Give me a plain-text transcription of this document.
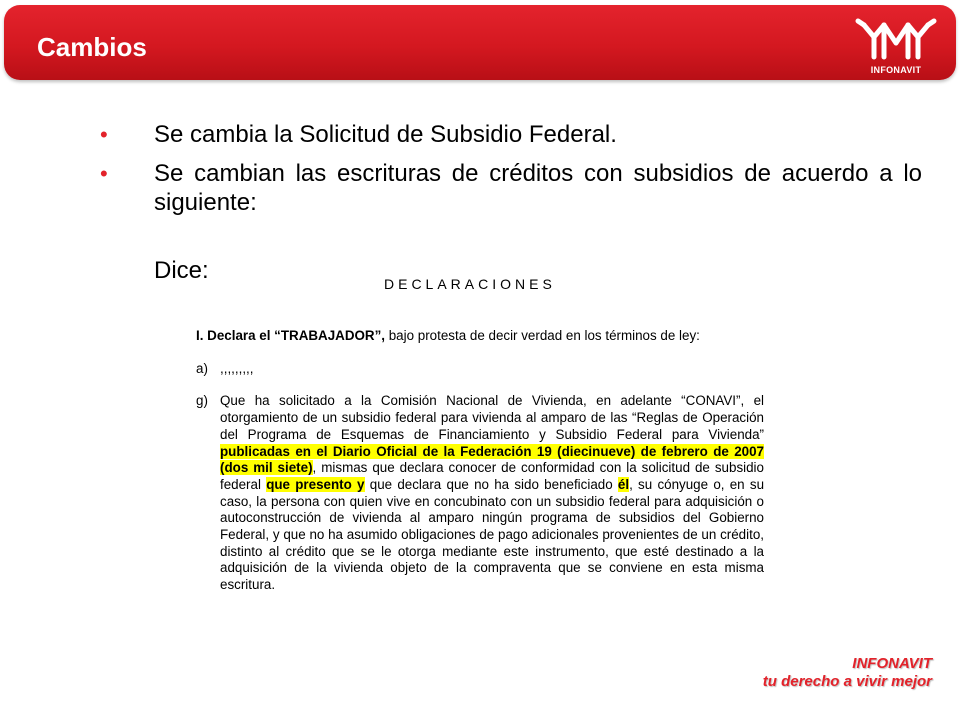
Cambios
INFONAVIT
• Se cambia la Solicitud de Subsidio Federal.
• Se cambian las escrituras de créditos con subsidios de acuerdo a lo siguiente:
Dice:	DECLARACIONES

I. Declara el “TRABAJADOR”, bajo protesta de decir verdad en los términos de ley:

a) ,,,,,,,,,
g) Que ha solicitado a la Comisión Nacional de Vivienda, en adelante “CONAVI”, el otorgamiento de un subsidio federal para vivienda al amparo de las “Reglas de Operación del Programa de Esquemas de Financiamiento y Subsidio Federal para Vivienda” publicadas en el Diario Oficial de la Federación 19 (diecinueve) de febrero de 2007 (dos mil siete), mismas que declara conocer de conformidad con la solicitud de subsidio federal que presento y que declara que no ha sido beneficiado él, su cónyuge o, en su caso, la persona con quien vive en concubinato con un subsidio federal para adquisición o autoconstrucción de vivienda al amparo ningún programa de subsidios del Gobierno Federal, y que no ha asumido obligaciones de pago adicionales provenientes de un crédito, distinto al crédito que se le otorga mediante este instrumento, que esté destinado a la adquisición de la vivienda objeto de la compraventa que se conviene en esta misma escritura.
INFONAVIT
tu derecho a vivir mejor
